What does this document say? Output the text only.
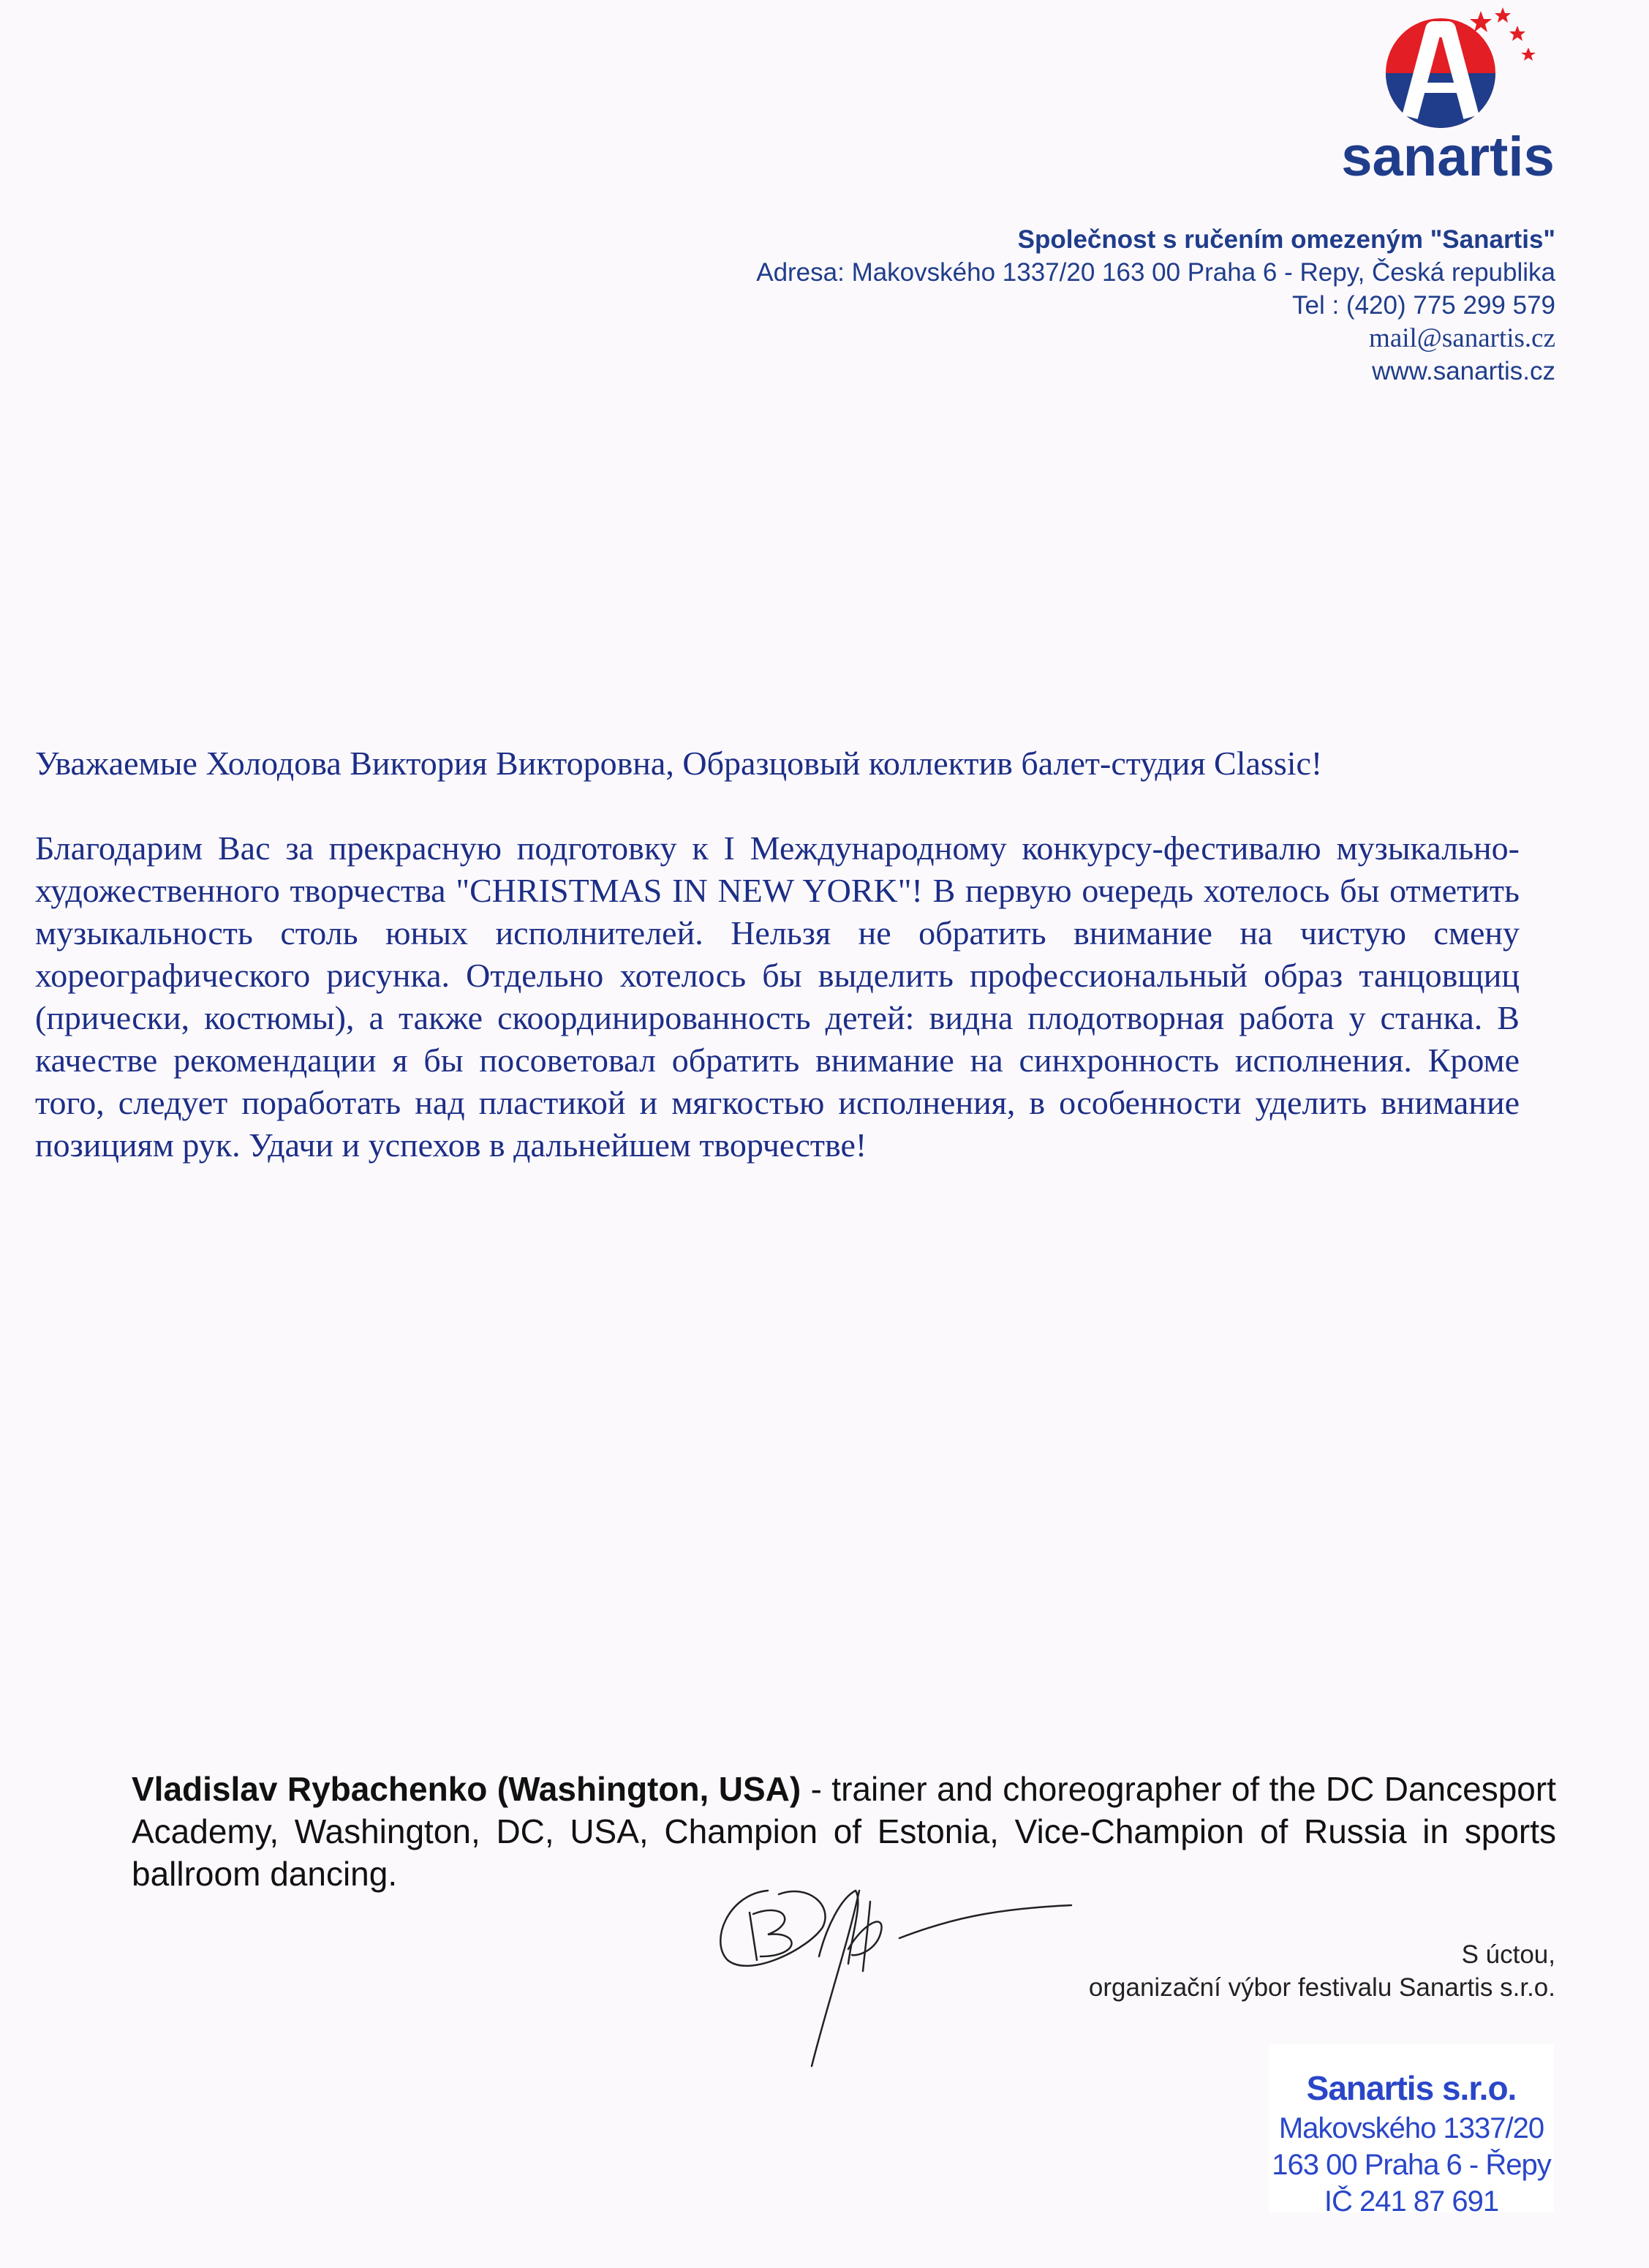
sanartis
Společnost s ručením omezeným "Sanartis"
Adresa: Makovského 1337/20 163 00 Praha 6 - Repy, Česká republika
Tel : (420) 775 299 579
mail@sanartis.cz
www.sanartis.cz

Уважаемые Холодова Виктория Викторовна, Образцовый коллектив балет-студия Classic!

Благодарим Вас за прекрасную подготовку к I Международному конкурсу-фестивалю музыкально-художественного творчества "CHRISTMAS IN NEW YORK"! В первую очередь хотелось бы отметить музыкальность столь юных исполнителей. Нельзя не обратить внимание на чистую смену хореографического рисунка. Отдельно хотелось бы выделить профессиональный образ танцовщиц (прически, костюмы), а также скоординированность детей: видна плодотворная работа у станка. В качестве рекомендации я бы посоветовал обратить внимание на синхронность исполнения. Кроме того, следует поработать над пластикой и мягкостью исполнения, в особенности уделить внимание позициям рук. Удачи и успехов в дальнейшем творчестве!

Vladislav Rybachenko (Washington, USA) - trainer and choreographer of the DC Dancesport Academy, Washington, DC, USA, Champion of Estonia, Vice-Champion of Russia in sports ballroom dancing.
S úctou,
organizační výbor festivalu Sanartis s.r.o.
Sanartis s.r.o.
Makovského 1337/20
163 00 Praha 6 - Řepy
IČ 241 87 691
